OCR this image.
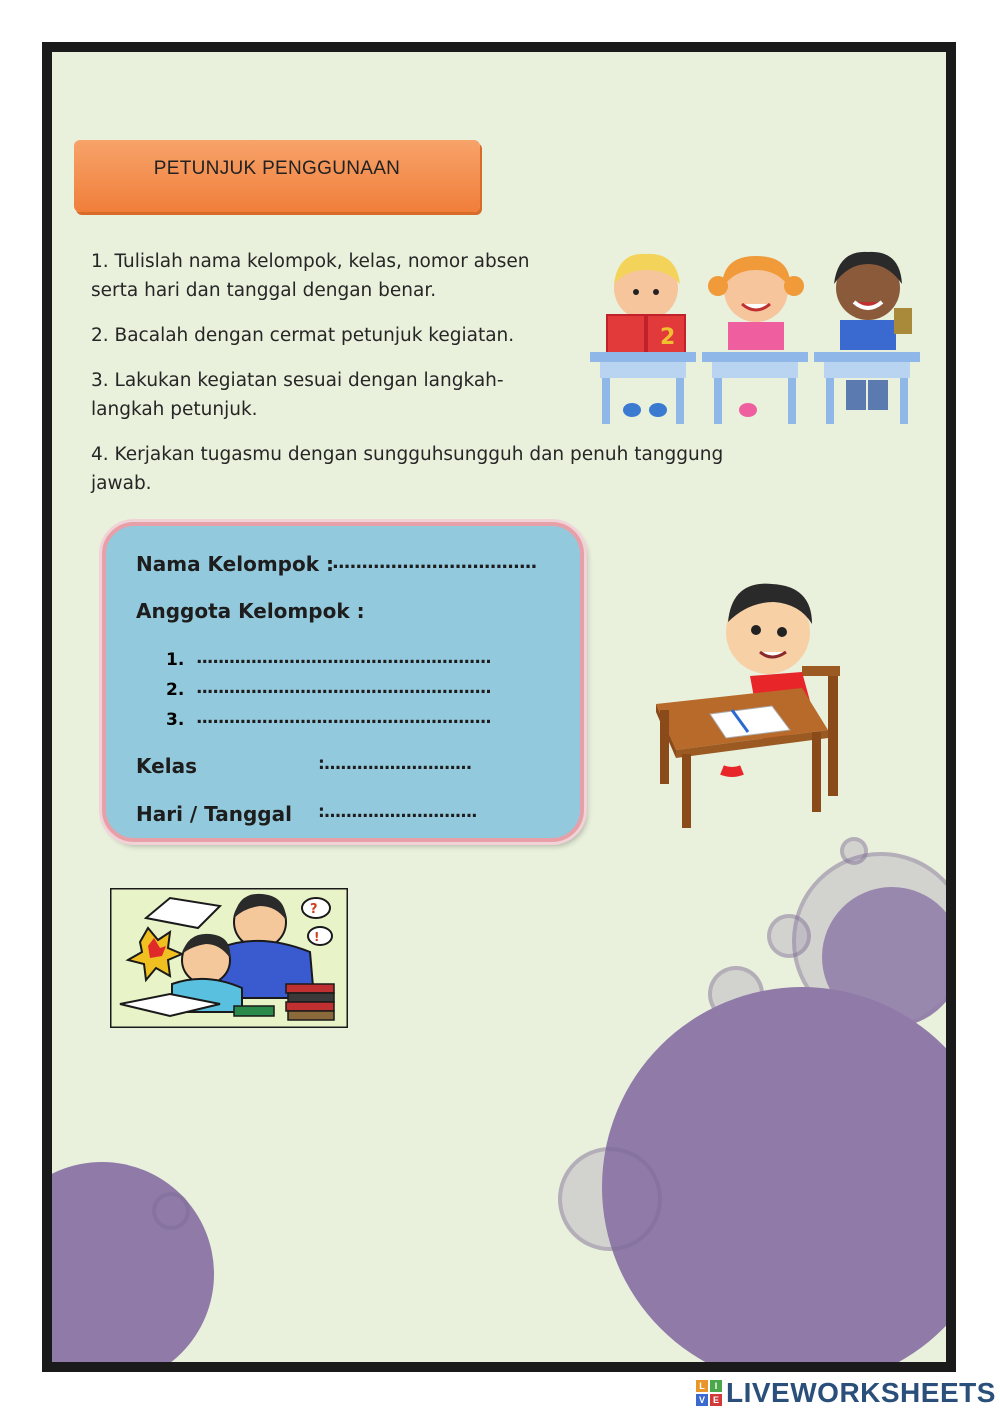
PETUNJUK PENGGUNAAN
1. Tulislah nama kelompok, kelas, nomor absen
serta hari dan tanggal dengan benar.
2. Bacalah dengan cermat petunjuk kegiatan.
3. Lakukan kegiatan sesuai dengan langkah-
langkah petunjuk.
4. Kerjakan tugasmu dengan sungguhsungguh dan penuh tanggung
jawab.
2
Nama Kelompok :
...................................
Anggota Kelompok :
1. ......................................................
2. ......................................................
3. ......................................................
Kelas	:...........................
Hari / Tanggal :............................
?
!
L	I
V E LIVEWORKSHEETS
